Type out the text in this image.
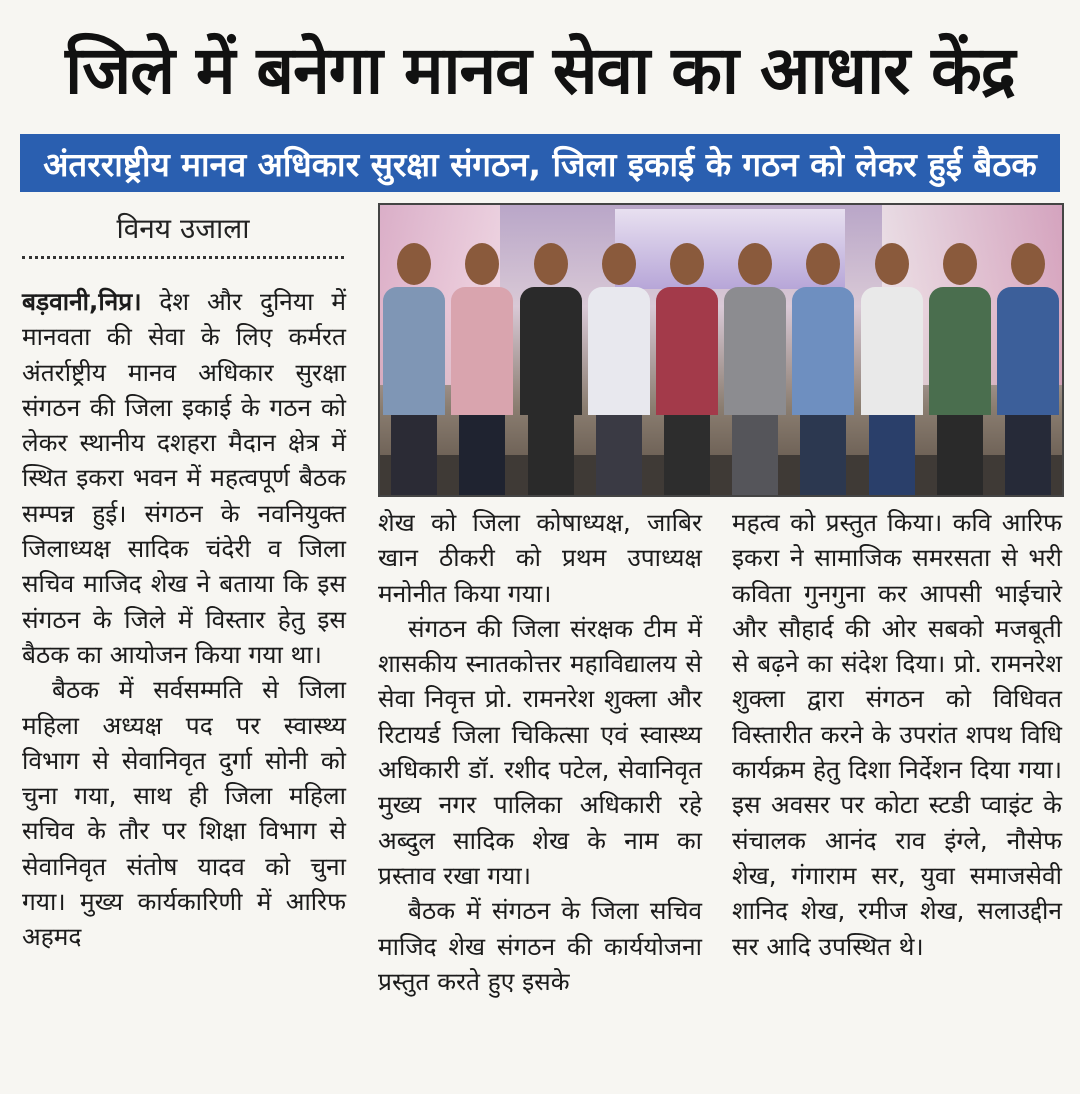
जिले में बनेगा मानव सेवा का आधार केंद्र
अंतरराष्ट्रीय मानव अधिकार सुरक्षा संगठन, जिला इकाई के गठन को लेकर हुई बैठक
विनय उजाला

बड़वानी,निप्र। देश और दुनिया में मानवता की सेवा के लिए कर्मरत अंतर्राष्ट्रीय मानव अधिकार सुरक्षा संगठन की जिला इकाई के गठन को लेकर स्थानीय दशहरा मैदान क्षेत्र में स्थित इकरा भवन में महत्वपूर्ण बैठक सम्पन्न हुई। संगठन के नवनियुक्त जिलाध्यक्ष सादिक चंदेरी व जिला सचिव माजिद शेख ने बताया कि इस संगठन के जिले में विस्तार हेतु इस बैठक का आयोजन किया गया था।

बैठक में सर्वसम्मति से जिला महिला अध्यक्ष पद पर स्वास्थ्य विभाग से सेवानिवृत दुर्गा सोनी को चुना गया, साथ ही जिला महिला सचिव के तौर पर शिक्षा विभाग से सेवानिवृत संतोष यादव को चुना गया। मुख्य कार्यकारिणी में आरिफ अहमद

शेख को जिला कोषाध्यक्ष, जाबिर खान ठीकरी को प्रथम उपाध्यक्ष मनोनीत किया गया।

संगठन की जिला संरक्षक टीम में शासकीय स्नातकोत्तर महाविद्यालय से सेवा निवृत्त प्रो. रामनरेश शुक्ला और रिटायर्ड जिला चिकित्सा एवं स्वास्थ्य अधिकारी डॉ. रशीद पटेल, सेवानिवृत मुख्य नगर पालिका अधिकारी रहे अब्दुल सादिक शेख के नाम का प्रस्ताव रखा गया।

बैठक में संगठन के जिला सचिव माजिद शेख संगठन की कार्ययोजना प्रस्तुत करते हुए इसके

महत्व को प्रस्तुत किया। कवि आरिफ इकरा ने सामाजिक समरसता से भरी कविता गुनगुना कर आपसी भाईचारे और सौहार्द की ओर सबको मजबूती से बढ़ने का संदेश दिया। प्रो. रामनरेश शुक्ला द्वारा संगठन को विधिवत विस्तारीत करने के उपरांत शपथ विधि कार्यक्रम हेतु दिशा निर्देशन दिया गया। इस अवसर पर कोटा स्टडी प्वाइंट के संचालक आनंद राव इंग्ले, नौसेफ शेख, गंगाराम सर, युवा समाजसेवी शानिद शेख, रमीज शेख, सलाउद्दीन सर आदि उपस्थित थे।
